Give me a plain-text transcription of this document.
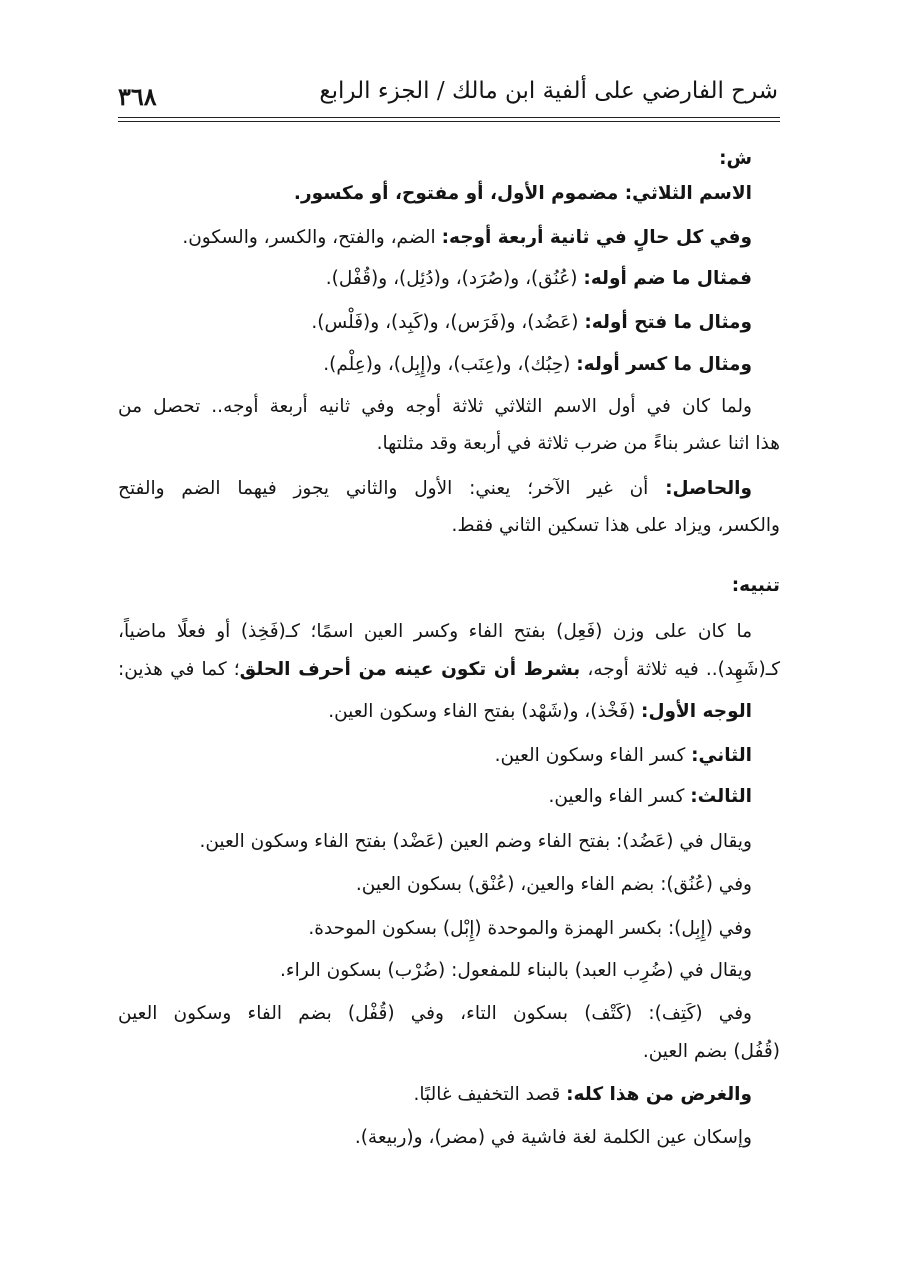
شرح الفارضي على ألفية ابن مالك / الجزء الرابع
٣٦٨
ش:
الاسم الثلاثي: مضموم الأول، أو مفتوح، أو مكسور.
وفي كل حالٍ في ثانية أربعة أوجه: الضم، والفتح، والكسر، والسكون.
فمثال ما ضم أوله: (عُنُق)، و(صُرَد)، و(دُئِل)، و(قُفْل).
ومثال ما فتح أوله: (عَضُد)، و(فَرَس)، و(كَبِد)، و(فَلْس).
ومثال ما كسر أوله: (حِبُك)، و(عِنَب)، و(إِبِل)، و(عِلْم).
ولما كان في أول الاسم الثلاثي ثلاثة أوجه وفي ثانيه أربعة أوجه.. تحصل من
هذا اثنا عشر بناءً من ضرب ثلاثة في أربعة وقد مثلتها.
والحاصل: أن غير الآخر؛ يعني: الأول والثاني يجوز فيهما الضم والفتح
والكسر، ويزاد على هذا تسكين الثاني فقط.
تنبيه:
ما كان على وزن (فَعِل) بفتح الفاء وكسر العين اسمًا؛ كـ(فَخِذ) أو فعلًا ماضياً،
كـ(شَهِد).. فيه ثلاثة أوجه، بشرط أن تكون عينه من أحرف الحلق؛ كما في هذين:
الوجه الأول: (فَخْذ)، و(شَهْد) بفتح الفاء وسكون العين.
الثاني: كسر الفاء وسكون العين.
الثالث: كسر الفاء والعين.
ويقال في (عَضُد): بفتح الفاء وضم العين (عَضْد) بفتح الفاء وسكون العين.
وفي (عُنُق): بضم الفاء والعين، (عُنْق) بسكون العين.
وفي (إِبِل): بكسر الهمزة والموحدة (إِبْل) بسكون الموحدة.
ويقال في (ضُرِب العبد) بالبناء للمفعول: (ضُرْب) بسكون الراء.
وفي (كَتِف): (كَتْف) بسكون التاء، وفي (قُفْل) بضم الفاء وسكون العين
(قُفُل) بضم العين.
والغرض من هذا كله: قصد التخفيف غالبًا.
وإسكان عين الكلمة لغة فاشية في (مضر)، و(ربيعة).
